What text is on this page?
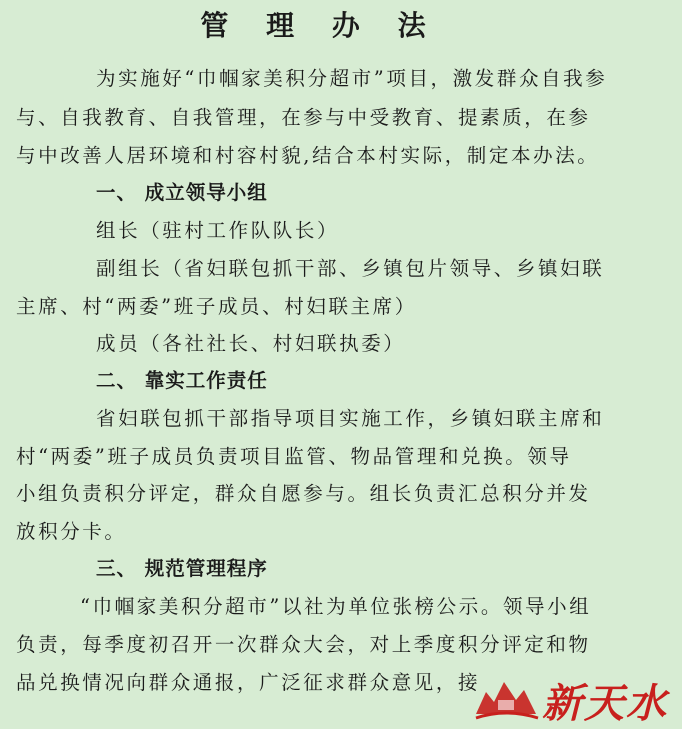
管 理 办 法
为实施好“巾帼家美积分超市”项目，激发群众自我参
与、自我教育、自我管理，在参与中受教育、提素质，在参
与中改善人居环境和村容村貌,结合本村实际，制定本办法。
一、 成立领导小组
组长（驻村工作队队长）
副组长（省妇联包抓干部、乡镇包片领导、乡镇妇联
主席、村“两委”班子成员、村妇联主席）
成员（各社社长、村妇联执委）
二、 靠实工作责任
省妇联包抓干部指导项目实施工作，乡镇妇联主席和
村“两委”班子成员负责项目监管、物品管理和兑换。领导
小组负责积分评定，群众自愿参与。组长负责汇总积分并发
放积分卡。
三、 规范管理程序
“巾帼家美积分超市”以社为单位张榜公示。领导小组
负责，每季度初召开一次群众大会，对上季度积分评定和物
品兑换情况向群众通报，广泛征求群众意见，接 新天水
